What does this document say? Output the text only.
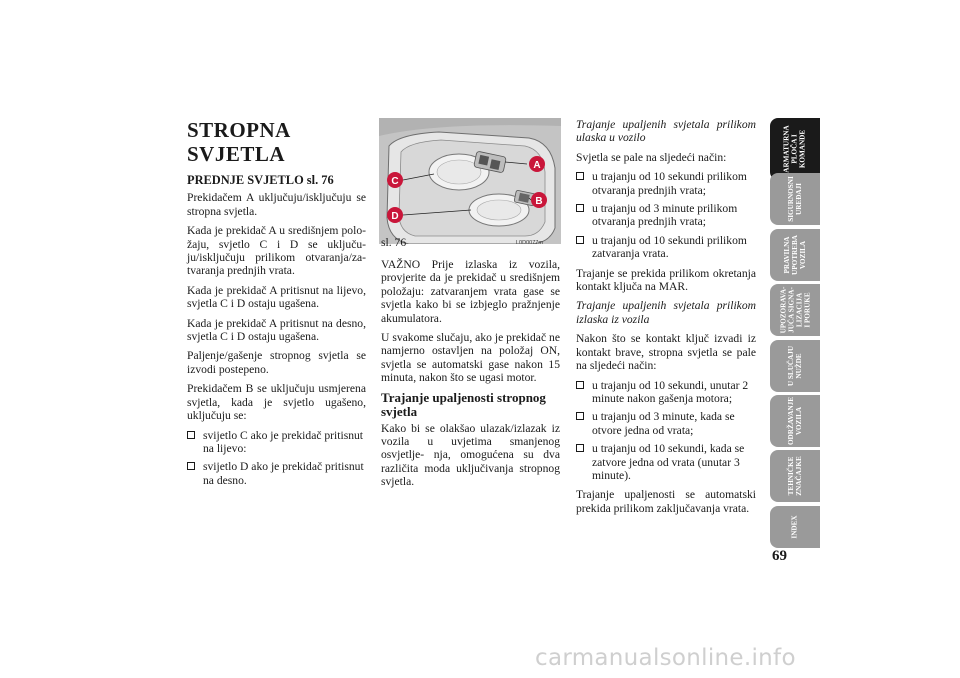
STROPNA SVJETLA
PREDNJE SVJETLO sl. 76

Prekidačem A uključuju/isključuju se stropna svjetla.

Kada je prekidač A u središnjem polo- žaju, svjetlo C i D se uključu- ju/isključuju prilikom otvaranja/za- tvaranja prednjih vrata.

Kada je prekidač A pritisnut na lijevo, svjetla C i D ostaju ugašena.

Kada je prekidač A pritisnut na desno, svjetla C i D ostaju ugašena.

Paljenje/gašenje stropnog svjetla se izvodi postepeno.

Prekidačem B se uključuju usmjerena svjetla, kada je svjetlo ugašeno, uključuju se:

svijetlo C ako je prekidač pritisnut na lijevo:
svijetlo D ako je prekidač pritisnut na desno.
A
B
C
D
sl. 76	L0D0077m

VAŽNO Prije izlaska iz vozila, provjerite da je prekidač u središnjem položaju: zatvaranjem vrata gase se svjetla kako bi se izbjeglo pražnjenje akumulatora.

U svakome slučaju, ako je prekidač ne namjerno ostavljen na položaj ON, svjetla se automatski gase nakon 15 minuta, nakon što se ugasi motor.

Trajanje upaljenosti stropnog svjetla

Kako bi se olakšao ulazak/izlazak iz vozila u uvjetima smanjenog osvjetlje- nja, omogućena su dva različita moda uključivanja stropnog svjetla.

Trajanje upaljenih svjetala prilikom ulaska u vozilo

Svjetla se pale na sljedeći način:

u trajanju od 10 sekundi prilikom otvaranja prednjih vrata;
u trajanju od 3 minute prilikom otvaranja prednjih vrata;
u trajanju od 10 sekundi prilikom zatvaranja vrata.

Trajanje se prekida prilikom okretanja kontakt ključa na MAR.

Trajanje upaljenih svjetala prilikom izlaska iz vozila

Nakon što se kontakt ključ izvadi iz kontakt brave, stropna svjetla se pale na sljedeći način:

u trajanju od 10 sekundi, unutar 2 minute nakon gašenja motora;
u trajanju od 3 minute, kada se otvore jedna od vrata;
u trajanju od 10 sekundi, kada se zatvore jedna od vrata (unutar 3 minute).

Trajanje upaljenosti se automatski prekida prilikom zaključavanja vrata.

ARMATURNA
PLOČA I
KOMANDE
SIGURNOSNI
UREĐAJI
PRAVILNA
UPOTREBA
VOZILA
UPOZORAVA-
JUĆA SIGNA-
LIZACIJA
I PORUKE
U SLUČAJU
NUŽDE
ODRŽAVANJE
VOZILA
TEHNIČKE
ZNAČAJKE
INDEX
69
carmanualsonline.info
